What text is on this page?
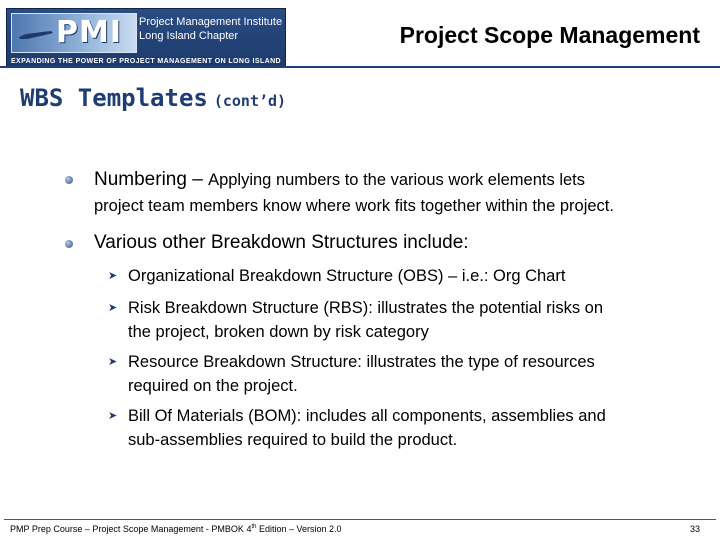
PMI Project Management Institute
Long Island Chapter
EXPANDING THE POWER OF PROJECT MANAGEMENT ON LONG ISLAND
Project Scope Management
WBS Templates (cont’d)
Numbering – Applying numbers to the various work elements lets
project team members know where work fits together within the project.
Various other Breakdown Structures include:
➤ Organizational Breakdown Structure (OBS) – i.e.: Org Chart
➤ Risk Breakdown Structure (RBS): illustrates the potential risks on
the project, broken down by risk category
➤ Resource Breakdown Structure: illustrates the type of resources
required on the project.
➤ Bill Of Materials (BOM): includes all components, assemblies and
sub-assemblies required to build the product.
PMP Prep Course – Project Scope Management - PMBOK 4th Edition – Version 2.0	33
